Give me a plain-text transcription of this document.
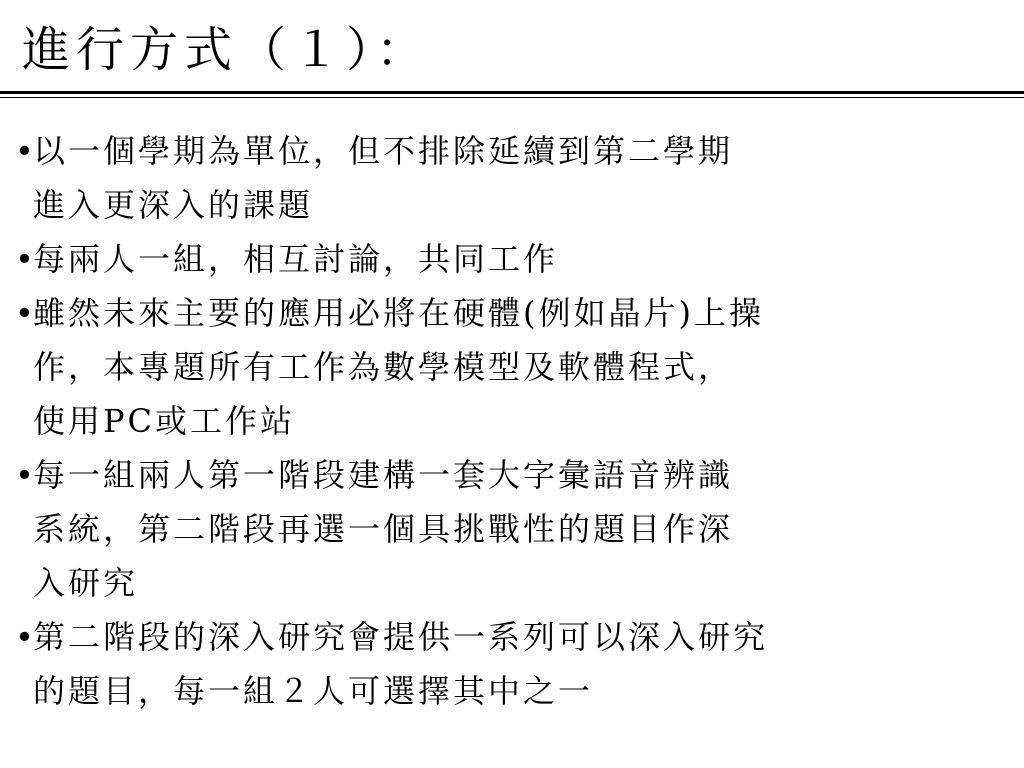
進行方式（１）：
• 以一個學期為單位，但不排除延續到第二學期
進入更深入的課題
• 每兩人一組，相互討論，共同工作
• 雖然未來主要的應用必將在硬體(例如晶片)上操
作，本專題所有工作為數學模型及軟體程式，
使用PC或工作站
• 每一組兩人第一階段建構一套大字彙語音辨識
系統，第二階段再選一個具挑戰性的題目作深
入研究
• 第二階段的深入研究會提供一系列可以深入研究
的題目，每一組２人可選擇其中之一
